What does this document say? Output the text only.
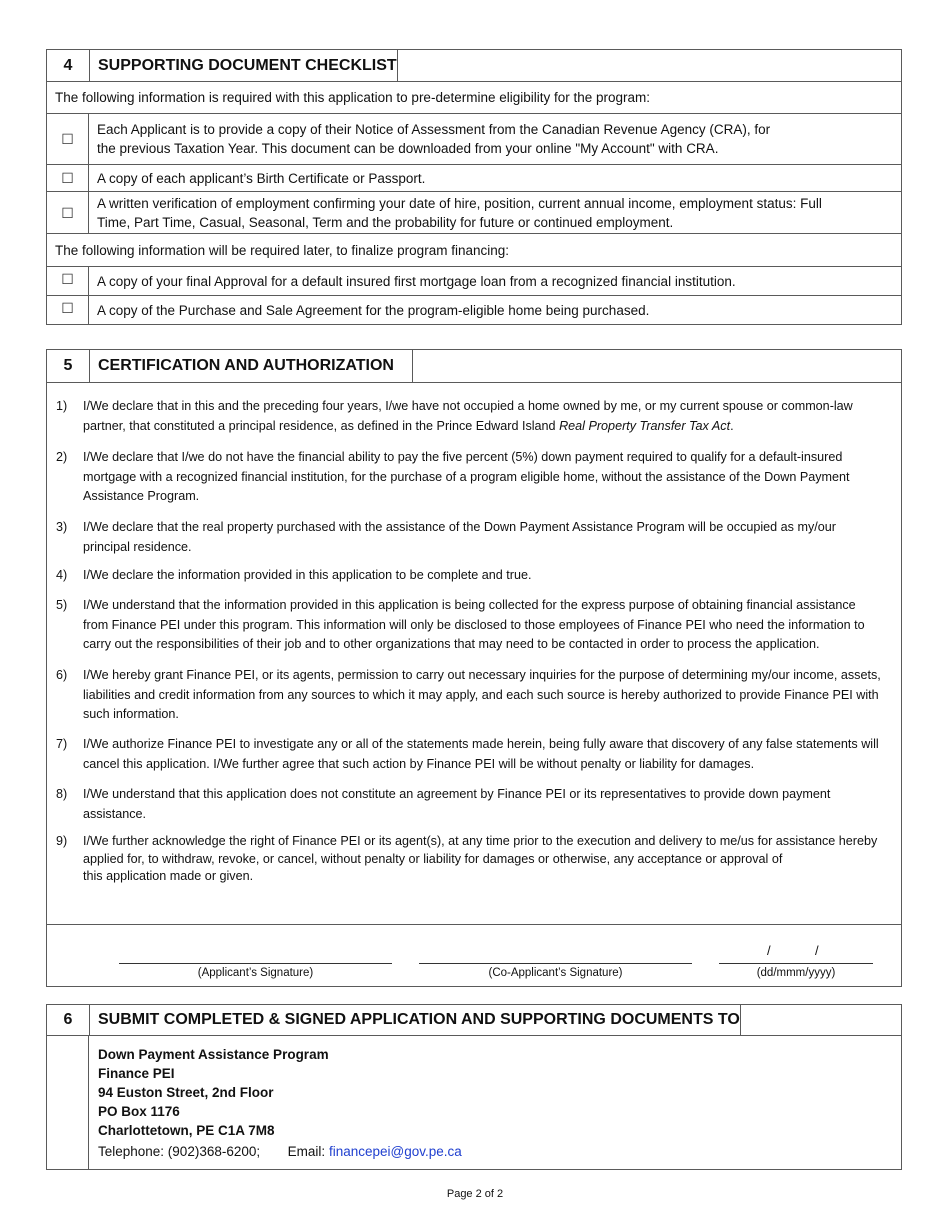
4	SUPPORTING DOCUMENT CHECKLIST
The following information is required with this application to pre-determine eligibility for the program:
☐
Each Applicant is to provide a copy of their Notice of Assessment from the Canadian Revenue Agency (CRA), for
the previous Taxation Year. This document can be downloaded from your online "My Account" with CRA.
☐	A copy of each applicant’s Birth Certificate or Passport.
☐
A written verification of employment confirming your date of hire, position, current annual income, employment status: Full
Time, Part Time, Casual, Seasonal, Term and the probability for future or continued employment.
The following information will be required later, to finalize program financing:
☐	A copy of your final Approval for a default insured first mortgage loan from a recognized financial institution.
☐	A copy of the Purchase and Sale Agreement for the program-eligible home being purchased.
5	CERTIFICATION AND AUTHORIZATION
1) I/We declare that in this and the preceding four years, I/we have not occupied a home owned by me, or my current spouse or common-law
partner, that constituted a principal residence, as defined in the Prince Edward Island Real Property Transfer Tax Act.
2) I/We declare that I/we do not have the financial ability to pay the five percent (5%) down payment required to qualify for a default-insured
mortgage with a recognized financial institution, for the purchase of a program eligible home, without the assistance of the Down Payment
Assistance Program.
3) I/We declare that the real property purchased with the assistance of the Down Payment Assistance Program will be occupied as my/our
principal residence.
4) I/We declare the information provided in this application to be complete and true.
5) I/We understand that the information provided in this application is being collected for the express purpose of obtaining financial assistance
from Finance PEI under this program. This information will only be disclosed to those employees of Finance PEI who need the information to
carry out the responsibilities of their job and to other organizations that may need to be contacted in order to process the application.
6) I/We hereby grant Finance PEI, or its agents, permission to carry out necessary inquiries for the purpose of determining my/our income, assets,
liabilities and credit information from any sources to which it may apply, and each such source is hereby authorized to provide Finance PEI with
such information.
7) I/We authorize Finance PEI to investigate any or all of the statements made herein, being fully aware that discovery of any false statements will
cancel this application. I/We further agree that such action by Finance PEI will be without penalty or liability for damages.
8) I/We understand that this application does not constitute an agreement by Finance PEI or its representatives to provide down payment
assistance.
9) I/We further acknowledge the right of Finance PEI or its agent(s), at any time prior to the execution and delivery to me/us for assistance hereby
applied for, to withdraw, revoke, or cancel, without penalty or liability for damages or otherwise, any acceptance or approval of
this application made or given.
(Applicant’s Signature)	(Co-Applicant’s Signature)
/	/
(dd/mmm/yyyy)
6	SUBMIT COMPLETED & SIGNED APPLICATION AND SUPPORTING DOCUMENTS TO
Down Payment Assistance Program
Finance PEI
94 Euston Street, 2nd Floor
PO Box 1176
Charlottetown, PE C1A 7M8
Telephone: (902)368-6200; Email: financepei@gov.pe.ca
Page 2 of 2
